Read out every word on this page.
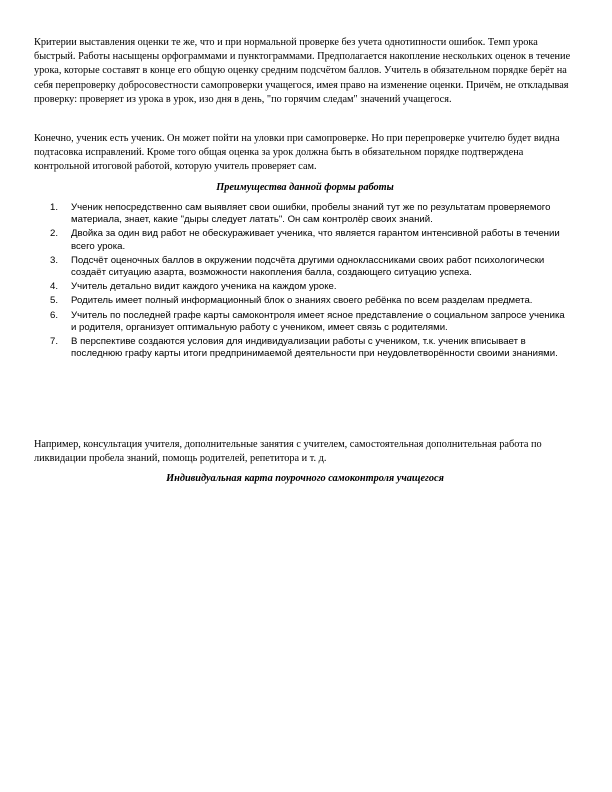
Критерии выставления оценки те же, что и при нормальной проверке без учета однотипности ошибок. Темп урока быстрый. Работы насыщены орфограммами и пунктограммами. Предполагается накопление нескольких оценок в течение урока, которые составят в конце его общую оценку средним подсчётом баллов. Учитель в обязательном порядке берёт на себя перепроверку добросовестности самопроверки учащегося, имея право на изменение оценки. Причём, не откладывая проверку: проверяет из урока в урок, изо дня в день, "по горячим следам" значений учащегося.

Конечно, ученик есть ученик. Он может пойти на уловки при самопроверке. Но при перепроверке учителю будет видна подтасовка исправлений. Кроме того общая оценка за урок должна быть в обязательном порядке подтверждена контрольной итоговой работой, которую учитель проверяет сам.

Преимущества данной формы работы

1.	Ученик непосредственно сам выявляет свои ошибки, пробелы знаний тут же по результатам проверяемого материала, знает, какие "дыры следует латать". Он сам контролёр своих знаний.
2.	Двойка за один вид работ не обескураживает ученика, что является гарантом интенсивной работы в течении всего урока.
3.	Подсчёт оценочных баллов в окружении подсчёта другими одноклассниками своих работ психологически создаёт ситуацию азарта, возможности накопления балла, создающего ситуацию успеха.
4.	Учитель детально видит каждого ученика на каждом уроке.
5.	Родитель имеет полный информационный блок о знаниях своего ребёнка по всем разделам предмета.
6.	Учитель по последней графе карты самоконтроля имеет ясное представление о социальном запросе ученика и родителя, организует оптимальную работу с учеником, имеет связь с родителями.
7.	В перспективе создаются условия для индивидуализации работы с учеником, т.к. ученик вписывает в последнюю графу карты итоги предпринимаемой деятельности при неудовлетворённости своими знаниями.

Например, консультация учителя, дополнительные занятия с учителем, самостоятельная дополнительная работа по ликвидации пробела знаний, помощь родителей, репетитора и т. д.

Индивидуальная карта поурочного самоконтроля учащегося
